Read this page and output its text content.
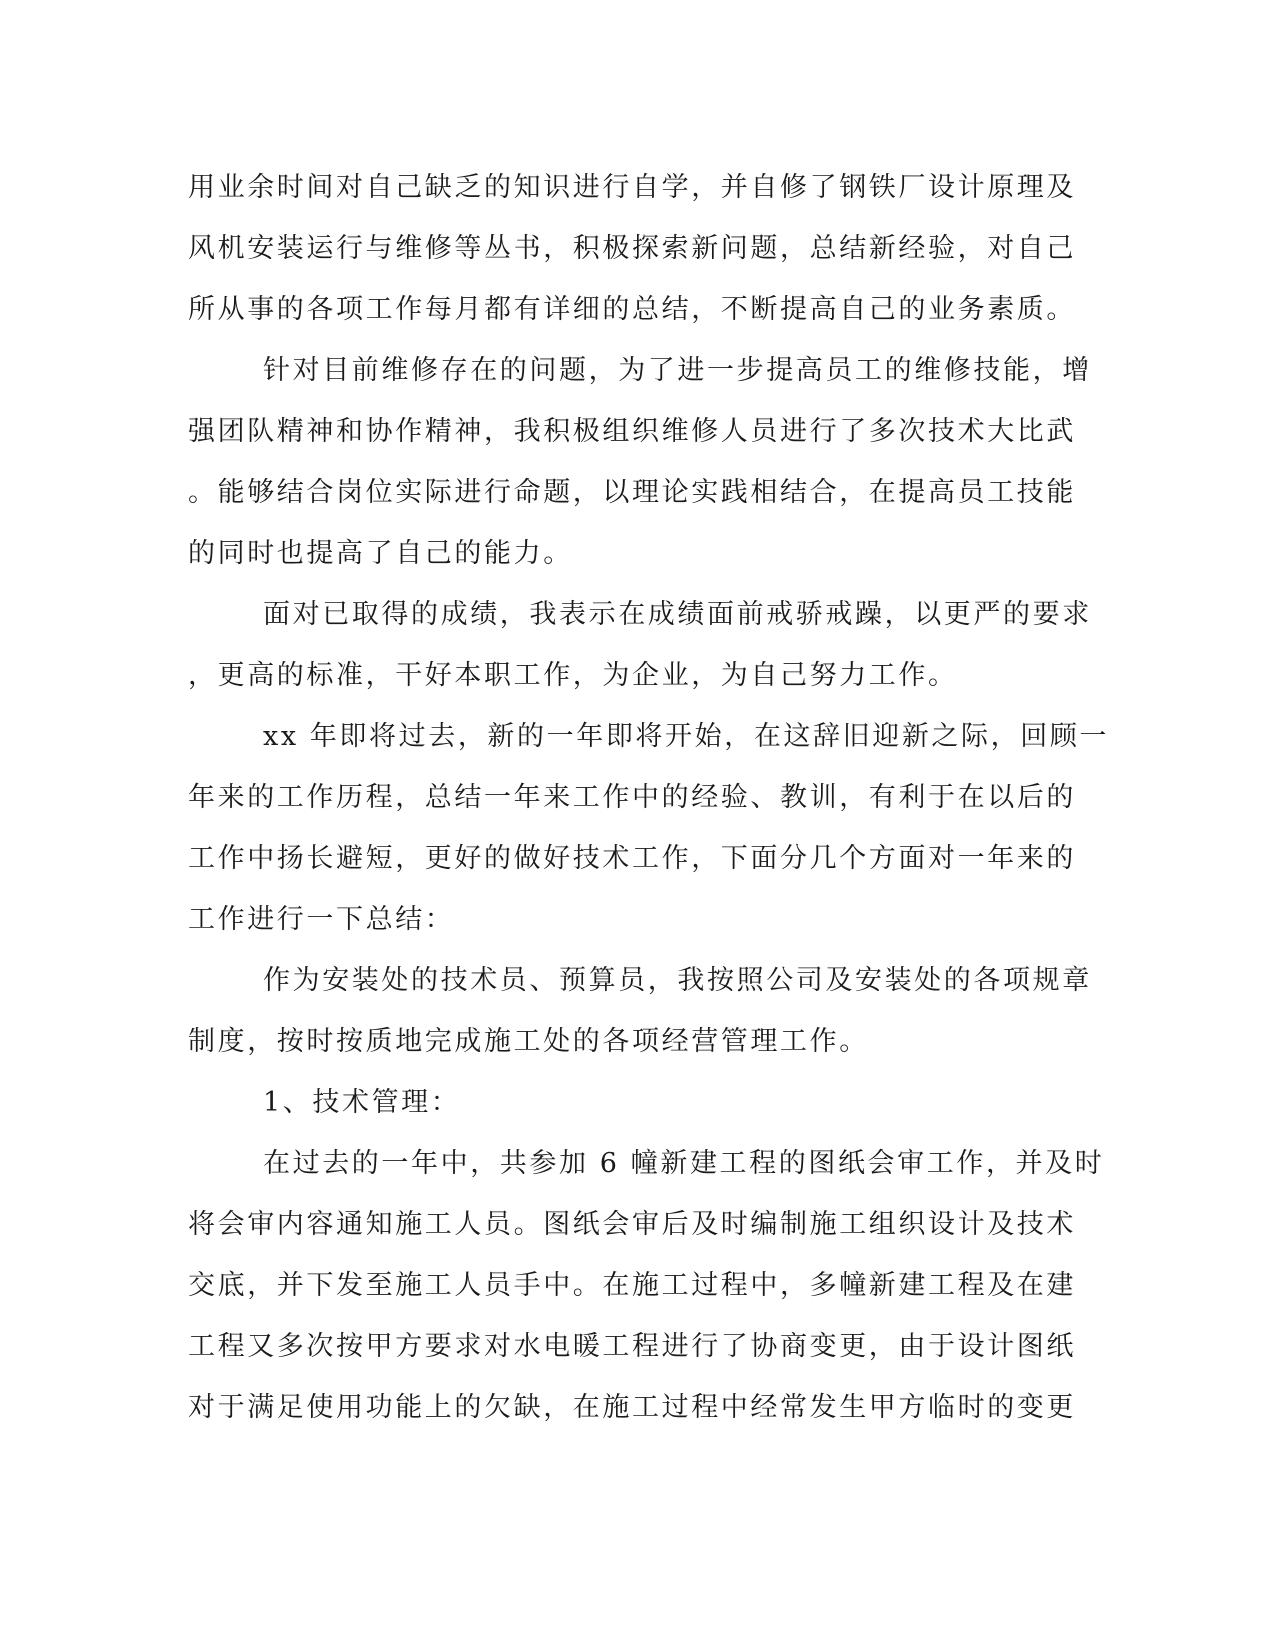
用业余时间对自己缺乏的知识进行自学，并自修了钢铁厂设计原理及
风机安装运行与维修等丛书，积极探索新问题，总结新经验，对自己
所从事的各项工作每月都有详细的总结，不断提高自己的业务素质。
针对目前维修存在的问题，为了进一步提高员工的维修技能，增
强团队精神和协作精神，我积极组织维修人员进行了多次技术大比武
。能够结合岗位实际进行命题，以理论实践相结合，在提高员工技能
的同时也提高了自己的能力。
面对已取得的成绩，我表示在成绩面前戒骄戒躁，以更严的要求
，更高的标准，干好本职工作，为企业，为自己努力工作。
xx 年即将过去，新的一年即将开始，在这辞旧迎新之际，回顾一
年来的工作历程，总结一年来工作中的经验、教训，有利于在以后的
工作中扬长避短，更好的做好技术工作，下面分几个方面对一年来的
工作进行一下总结：
作为安装处的技术员、预算员，我按照公司及安装处的各项规章
制度，按时按质地完成施工处的各项经营管理工作。
1、技术管理：
在过去的一年中，共参加 6 幢新建工程的图纸会审工作，并及时
将会审内容通知施工人员。图纸会审后及时编制施工组织设计及技术
交底，并下发至施工人员手中。在施工过程中，多幢新建工程及在建
工程又多次按甲方要求对水电暖工程进行了协商变更，由于设计图纸
对于满足使用功能上的欠缺，在施工过程中经常发生甲方临时的变更
